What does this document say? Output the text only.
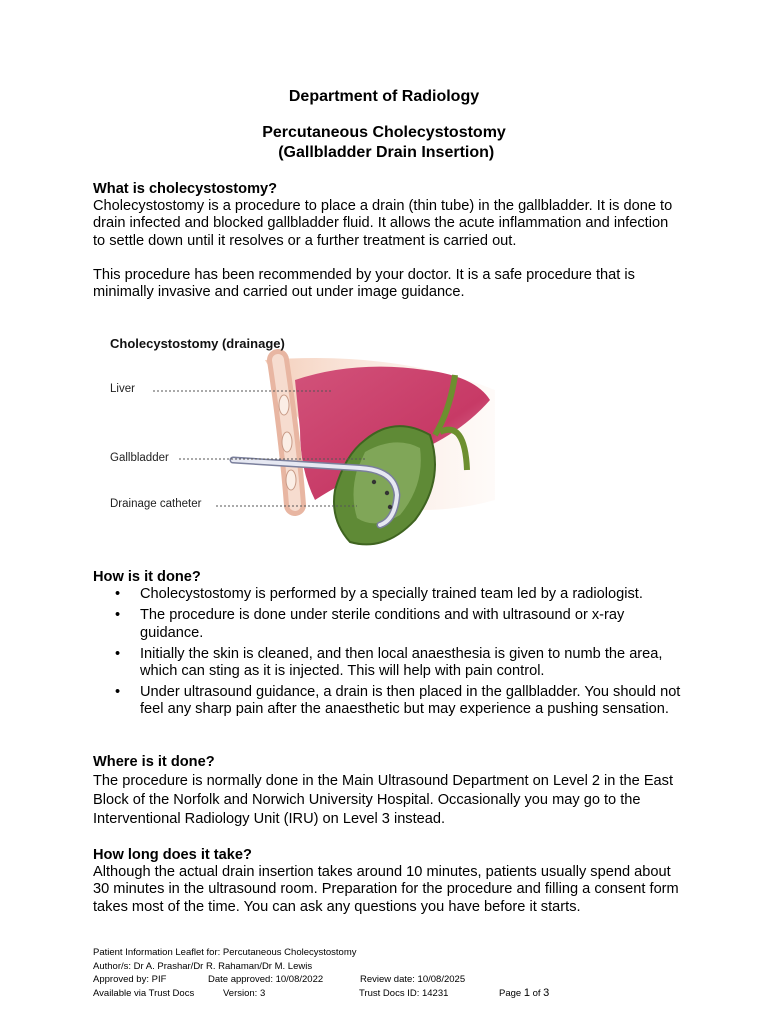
Department of Radiology
Percutaneous Cholecystostomy
(Gallbladder Drain Insertion)
What is cholecystostomy?

Cholecystostomy is a procedure to place a drain (thin tube) in the gallbladder. It is done to drain infected and blocked gallbladder fluid. It allows the acute inflammation and infection to settle down until it resolves or a further treatment is carried out.

This procedure has been recommended by your doctor. It is a safe procedure that is minimally invasive and carried out under image guidance.

Cholecystostomy (drainage)
Liver
Gallbladder
Drainage catheter
How is it done?
• Cholecystostomy is performed by a specially trained team led by a radiologist.
• The procedure is done under sterile conditions and with ultrasound or x-ray guidance.
• Initially the skin is cleaned, and then local anaesthesia is given to numb the area, which can sting as it is injected. This will help with pain control.
• Under ultrasound guidance, a drain is then placed in the gallbladder. You should not feel any sharp pain after the anaesthetic but may experience a pushing sensation.
Where is it done?

The procedure is normally done in the Main Ultrasound Department on Level 2 in the East Block of the Norfolk and Norwich University Hospital. Occasionally you may go to the Interventional Radiology Unit (IRU) on Level 3 instead.

How long does it take?

Although the actual drain insertion takes around 10 minutes, patients usually spend about 30 minutes in the ultrasound room. Preparation for the procedure and filling a consent form takes most of the time. You can ask any questions you have before it starts.

Patient Information Leaflet for: Percutaneous Cholecystostomy
Author/s: Dr A. Prashar/Dr R. Rahaman/Dr M. Lewis
Approved by: PIF	Date approved: 10/08/2022	Review date: 10/08/2025
Available via Trust Docs	Version: 3	Trust Docs ID: 14231	Page 1 of 3
